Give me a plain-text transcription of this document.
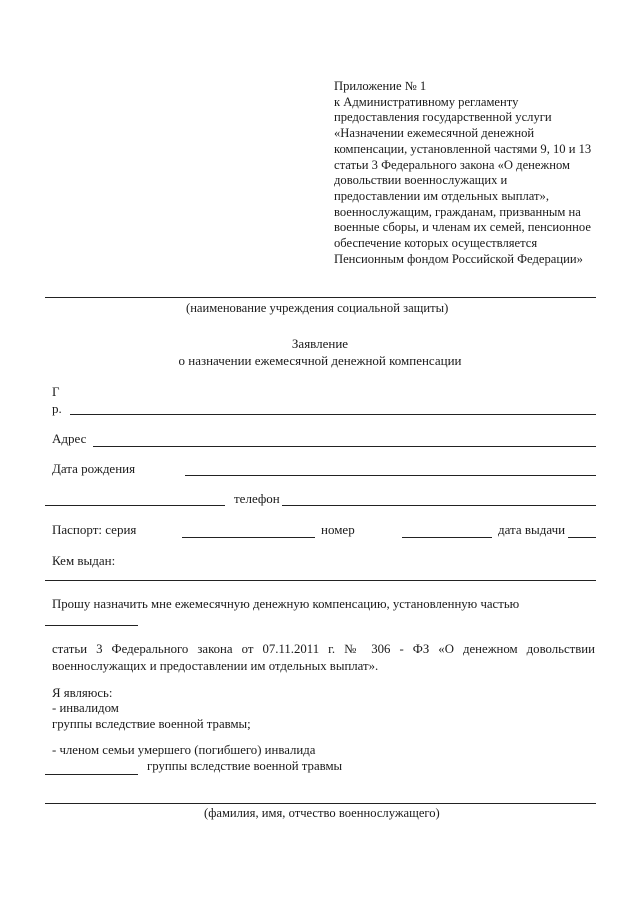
Приложение № 1
к Административному регламенту
предоставления государственной услуги
«Назначении ежемесячной денежной
компенсации, установленной частями 9, 10 и 13
статьи 3 Федерального закона «О денежном
довольствии военнослужащих и
предоставлении им отдельных выплат»,
военнослужащим, гражданам, призванным на
военные сборы, и членам их семей, пенсионное
обеспечение которых осуществляется
Пенсионным фондом Российской Федерации»
(наименование учреждения социальной защиты)
Заявление
о назначении ежемесячной денежной компенсации
Г
р.
Адрес
Дата рождения
телефон
Паспорт: серия	номер	дата выдачи
Кем выдан:
Прошу назначить мне ежемесячную денежную компенсацию, установленную частью
статьи 3 Федерального закона от 07.11.2011 г. № 306 - ФЗ «О денежном довольствии военнослужащих и предоставлении им отдельных выплат».
Я являюсь:
- инвалидом
группы вследствие военной травмы;
- членом семьи умершего (погибшего) инвалида
группы вследствие военной травмы
(фамилия, имя, отчество военнослужащего)
